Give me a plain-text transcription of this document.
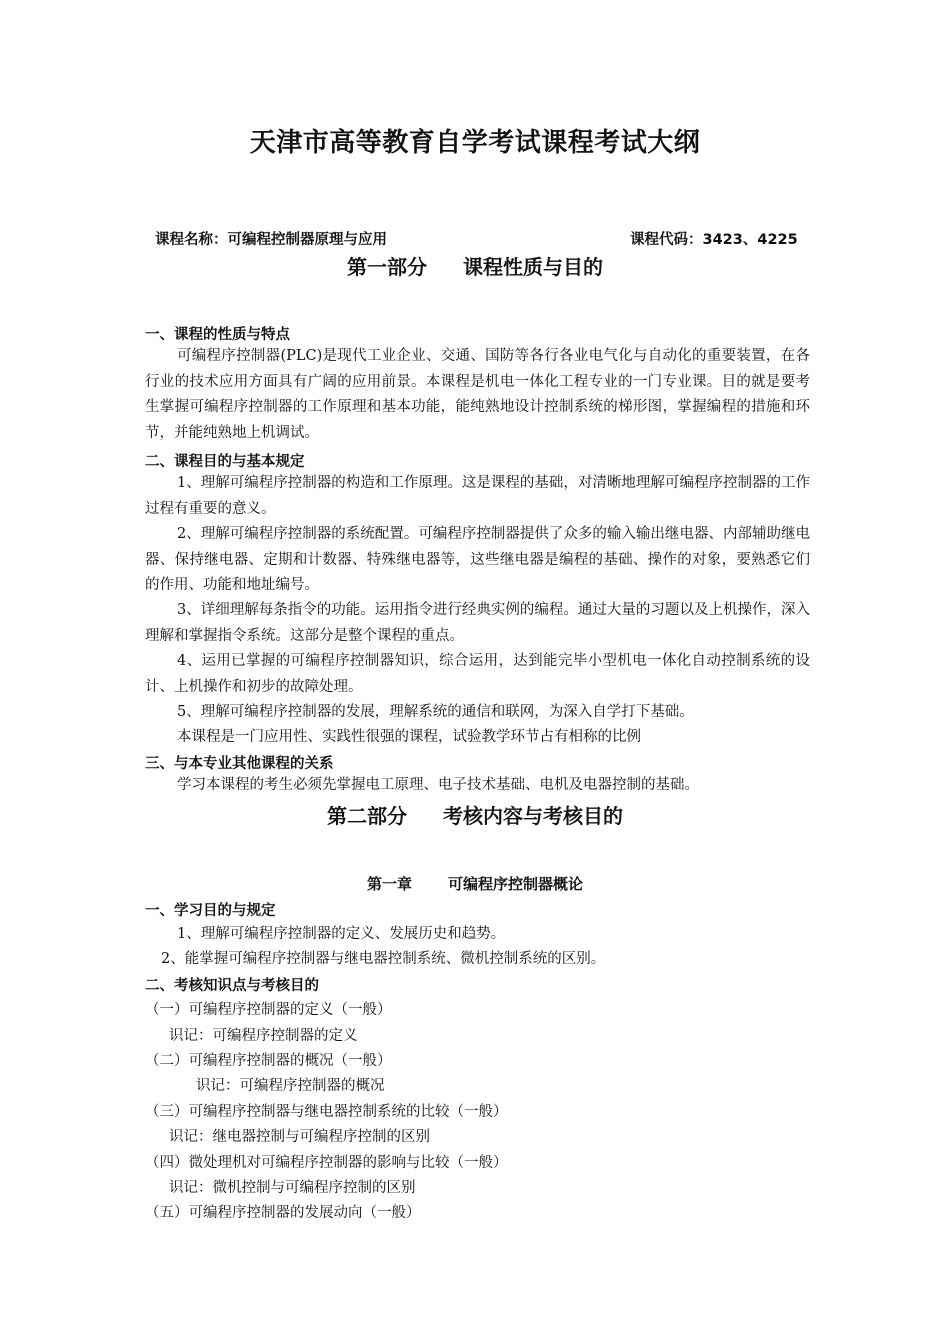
天津市高等教育自学考试课程考试大纲
课程名称：可编程控制器原理与应用	课程代码：3423、4225
第一部分 课程性质与目的
一、课程的性质与特点
可编程序控制器(PLC)是现代工业企业、交通、国防等各行各业电气化与自动化的重要装置，在各行业的技术应用方面具有广阔的应用前景。本课程是机电一体化工程专业的一门专业课。目的就是要考生掌握可编程序控制器的工作原理和基本功能，能纯熟地设计控制系统的梯形图，掌握编程的措施和环节，并能纯熟地上机调试。
二、课程目的与基本规定
1、理解可编程序控制器的构造和工作原理。这是课程的基础，对清晰地理解可编程序控制器的工作过程有重要的意义。
2、理解可编程序控制器的系统配置。可编程序控制器提供了众多的输入输出继电器、内部辅助继电器、保持继电器、定期和计数器、特殊继电器等，这些继电器是编程的基础、操作的对象，要熟悉它们的作用、功能和地址编号。
3、详细理解每条指令的功能。运用指令进行经典实例的编程。通过大量的习题以及上机操作，深入理解和掌握指令系统。这部分是整个课程的重点。
4、运用已掌握的可编程序控制器知识，综合运用，达到能完毕小型机电一体化自动控制系统的设计、上机操作和初步的故障处理。
5、理解可编程序控制器的发展，理解系统的通信和联网，为深入自学打下基础。
本课程是一门应用性、实践性很强的课程，试验教学环节占有相称的比例
三、与本专业其他课程的关系
学习本课程的考生必须先掌握电工原理、电子技术基础、电机及电器控制的基础。
第二部分 考核内容与考核目的
第一章 可编程序控制器概论
一、学习目的与规定
1、理解可编程序控制器的定义、发展历史和趋势。
2、能掌握可编程序控制器与继电器控制系统、微机控制系统的区别。
二、考核知识点与考核目的
（一）可编程序控制器的定义（一般）
识记：可编程序控制器的定义
（二）可编程序控制器的概况（一般）
识记：可编程序控制器的概况
（三）可编程序控制器与继电器控制系统的比较（一般）
识记：继电器控制与可编程序控制的区别
（四）微处理机对可编程序控制器的影响与比较（一般）
识记：微机控制与可编程序控制的区别
（五）可编程序控制器的发展动向（一般）
